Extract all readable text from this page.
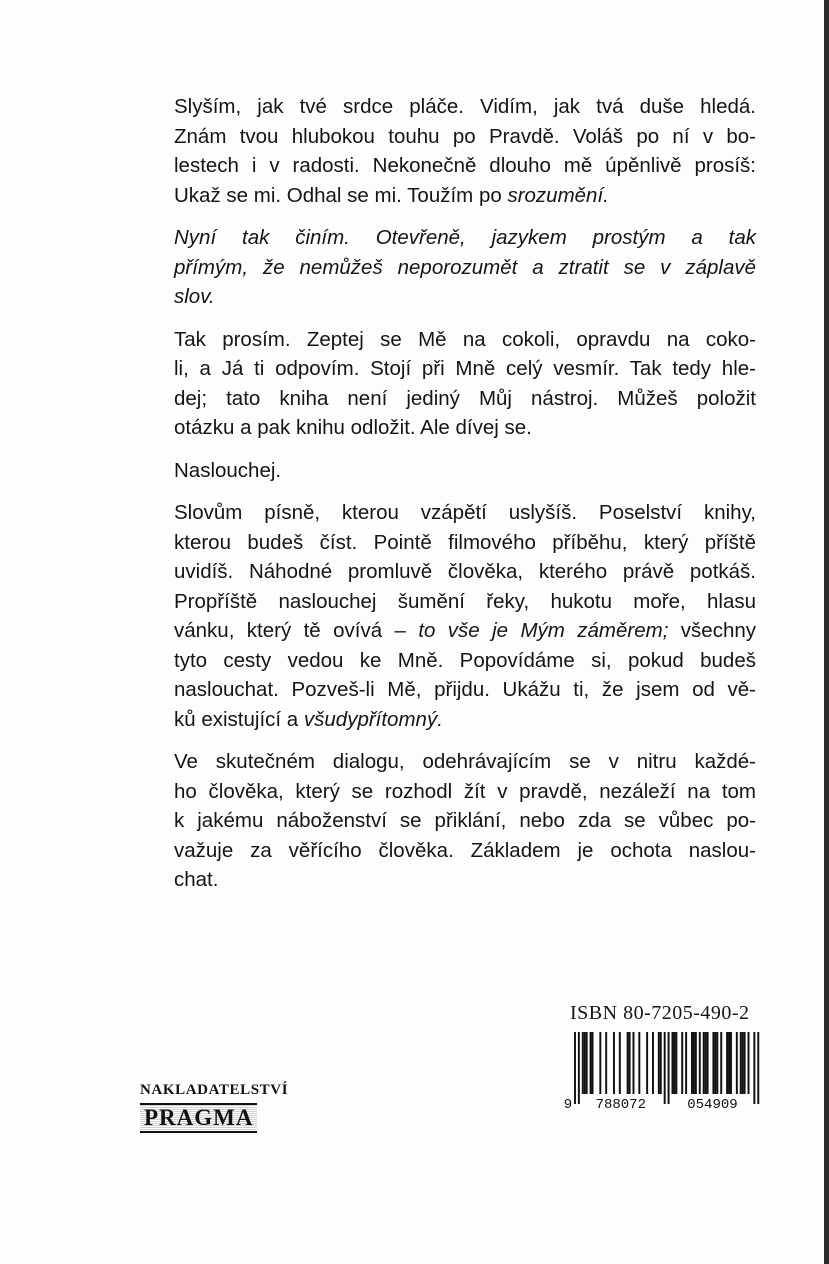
Slyším, jak tvé srdce pláče. Vidím, jak tvá duše hledá.
Znám tvou hlubokou touhu po Pravdě. Voláš po ní v bo-
lestech i v radosti. Nekonečně dlouho mě úpěnlivě prosíš:
Ukaž se mi. Odhal se mi. Toužím po srozumění.
Nyní tak činím. Otevřeně, jazykem prostým a tak
přímým, že nemůžeš neporozumět a ztratit se v záplavě
slov.
Tak prosím. Zeptej se Mě na cokoli, opravdu na coko-
li, a Já ti odpovím. Stojí při Mně celý vesmír. Tak tedy hle-
dej; tato kniha není jediný Můj nástroj. Můžeš položit
otázku a pak knihu odložit. Ale dívej se.
Naslouchej.
Slovům písně, kterou vzápětí uslyšíš. Poselství knihy,
kterou budeš číst. Pointě filmového příběhu, který příště
uvidíš. Náhodné promluvě člověka, kterého právě potkáš.
Propříště naslouchej šumění řeky, hukotu moře, hlasu
vánku, který tě ovívá – to vše je Mým záměrem; všechny
tyto cesty vedou ke Mně. Popovídáme si, pokud budeš
naslouchat. Pozveš-li Mě, přijdu. Ukážu ti, že jsem od vě-
ků existující a všudypřítomný.
Ve skutečném dialogu, odehrávajícím se v nitru každé-
ho člověka, který se rozhodl žít v pravdě, nezáleží na tom
k jakému náboženství se přiklání, nebo zda se vůbec po-
važuje za věřícího člověka. Základem je ochota naslou-
chat.
ISBN 80-7205-490-2
9 788072	054909
NAKLADATELSTVÍ
PRAGMA
